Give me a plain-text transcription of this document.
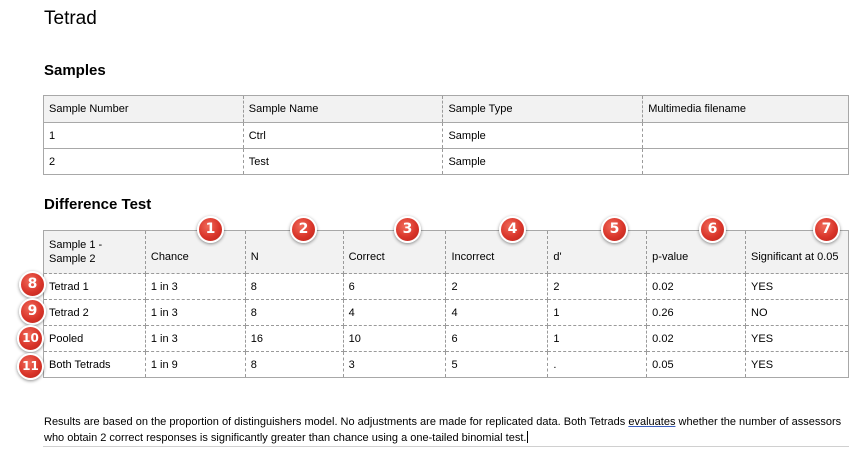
Tetrad
Samples
Sample Number	Sample Name	Sample Type	Multimedia filename
1	Ctrl	Sample	
2	Test	Sample	
Difference Test
Sample 1 -
Sample 2	Chance	N	Correct	Incorrect	d'	p-value	Significant at 0.05

Tetrad 1	1 in 3	8	6	2	2	0.02	YES
Tetrad 2	1 in 3	8	4	4	1	0.26	NO
Pooled	1 in 3	16	10	6	1	0.02	YES
Both Tetrads	1 in 9	8	3	5	.	0.05	YES
1	2	3	4	5	6	7
8
9
10
11
Results are based on the proportion of distinguishers model. No adjustments are made for replicated data. Both Tetrads evaluates whether the number of assessors who obtain 2 correct responses is significantly greater than chance using a one-tailed binomial test.
